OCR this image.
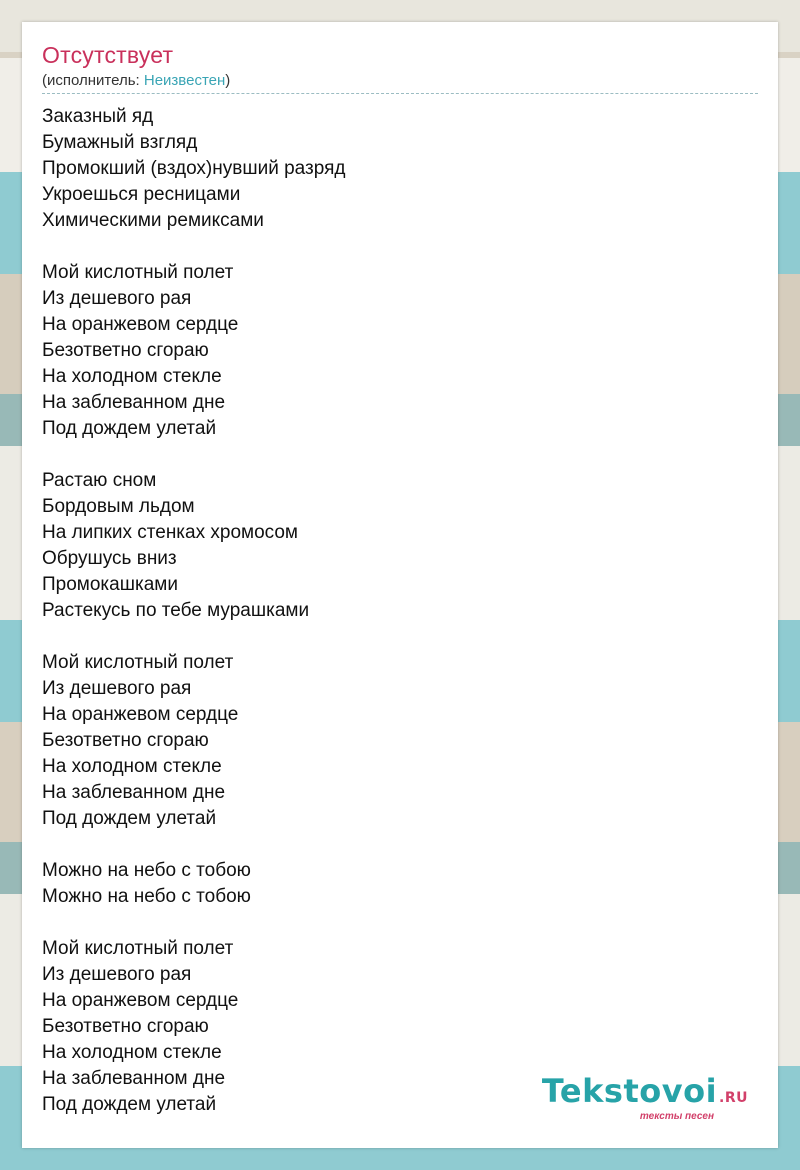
Отсутствует
(исполнитель: Неизвестен)
Заказный яд
Бумажный взгляд
Промокший (вздох)нувший разряд
Укроешься ресницами
Химическими ремиксами
Мой кислотный полет
Из дешевого рая
На оранжевом сердце
Безответно сгораю
На холодном стекле
На заблеванном дне
Под дождем улетай
Растаю сном
Бордовым льдом
На липких стенках хромосом
Обрушусь вниз
Промокашками
Растекусь по тебе мурашками
Мой кислотный полет
Из дешевого рая
На оранжевом сердце
Безответно сгораю
На холодном стекле
На заблеванном дне
Под дождем улетай
Можно на небо с тобою
Можно на небо с тобою
Мой кислотный полет
Из дешевого рая
На оранжевом сердце
Безответно сгораю
На холодном стекле
На заблеванном дне
Под дождем улетай	Tekstovoi .RU
тексты песен
